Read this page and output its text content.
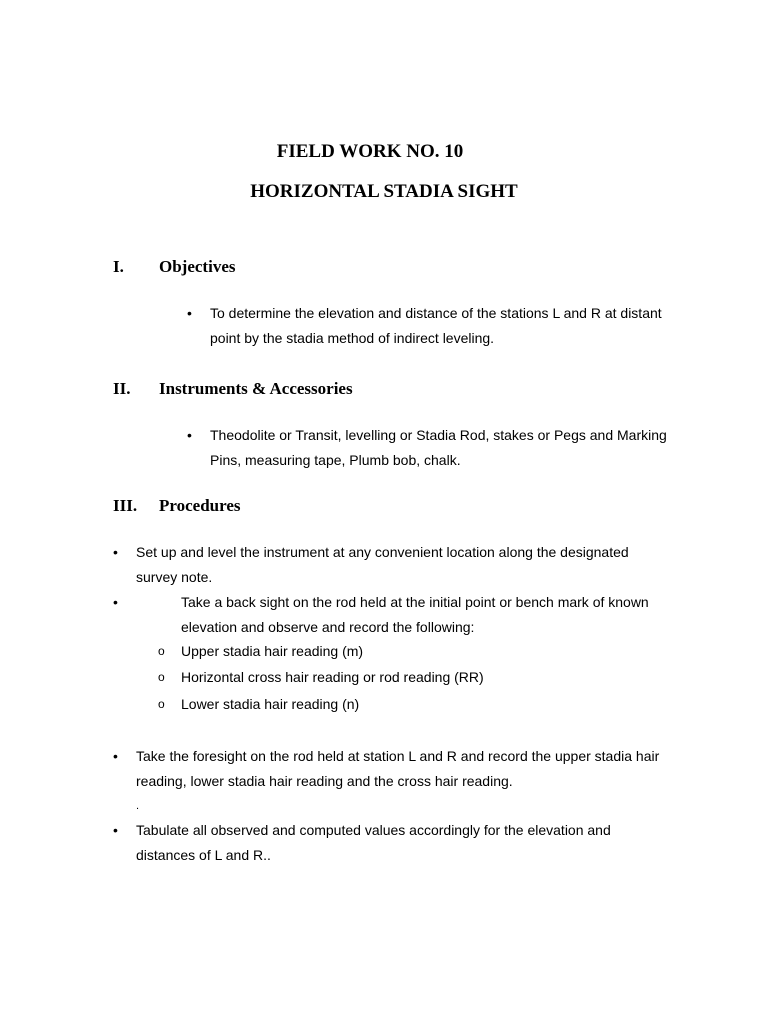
FIELD WORK NO. 10
HORIZONTAL STADIA SIGHT
I. Objectives
• To determine the elevation and distance of the stations L and R at distant point by the stadia method of indirect leveling.
II. Instruments & Accessories
• Theodolite or Transit, levelling or Stadia Rod, stakes or Pegs and Marking Pins, measuring tape, Plumb bob, chalk.
III. Procedures
• Set up and level the instrument at any convenient location along the designated survey note.
•	Take a back sight on the rod held at the initial point or bench mark of known elevation and observe and record the following:
o Upper stadia hair reading (m)
o Horizontal cross hair reading or rod reading (RR)
o Lower stadia hair reading (n)
• Take the foresight on the rod held at station L and R and record the upper stadia hair reading, lower stadia hair reading and the cross hair reading.
.
• Tabulate all observed and computed values accordingly for the elevation and distances of L and R..
